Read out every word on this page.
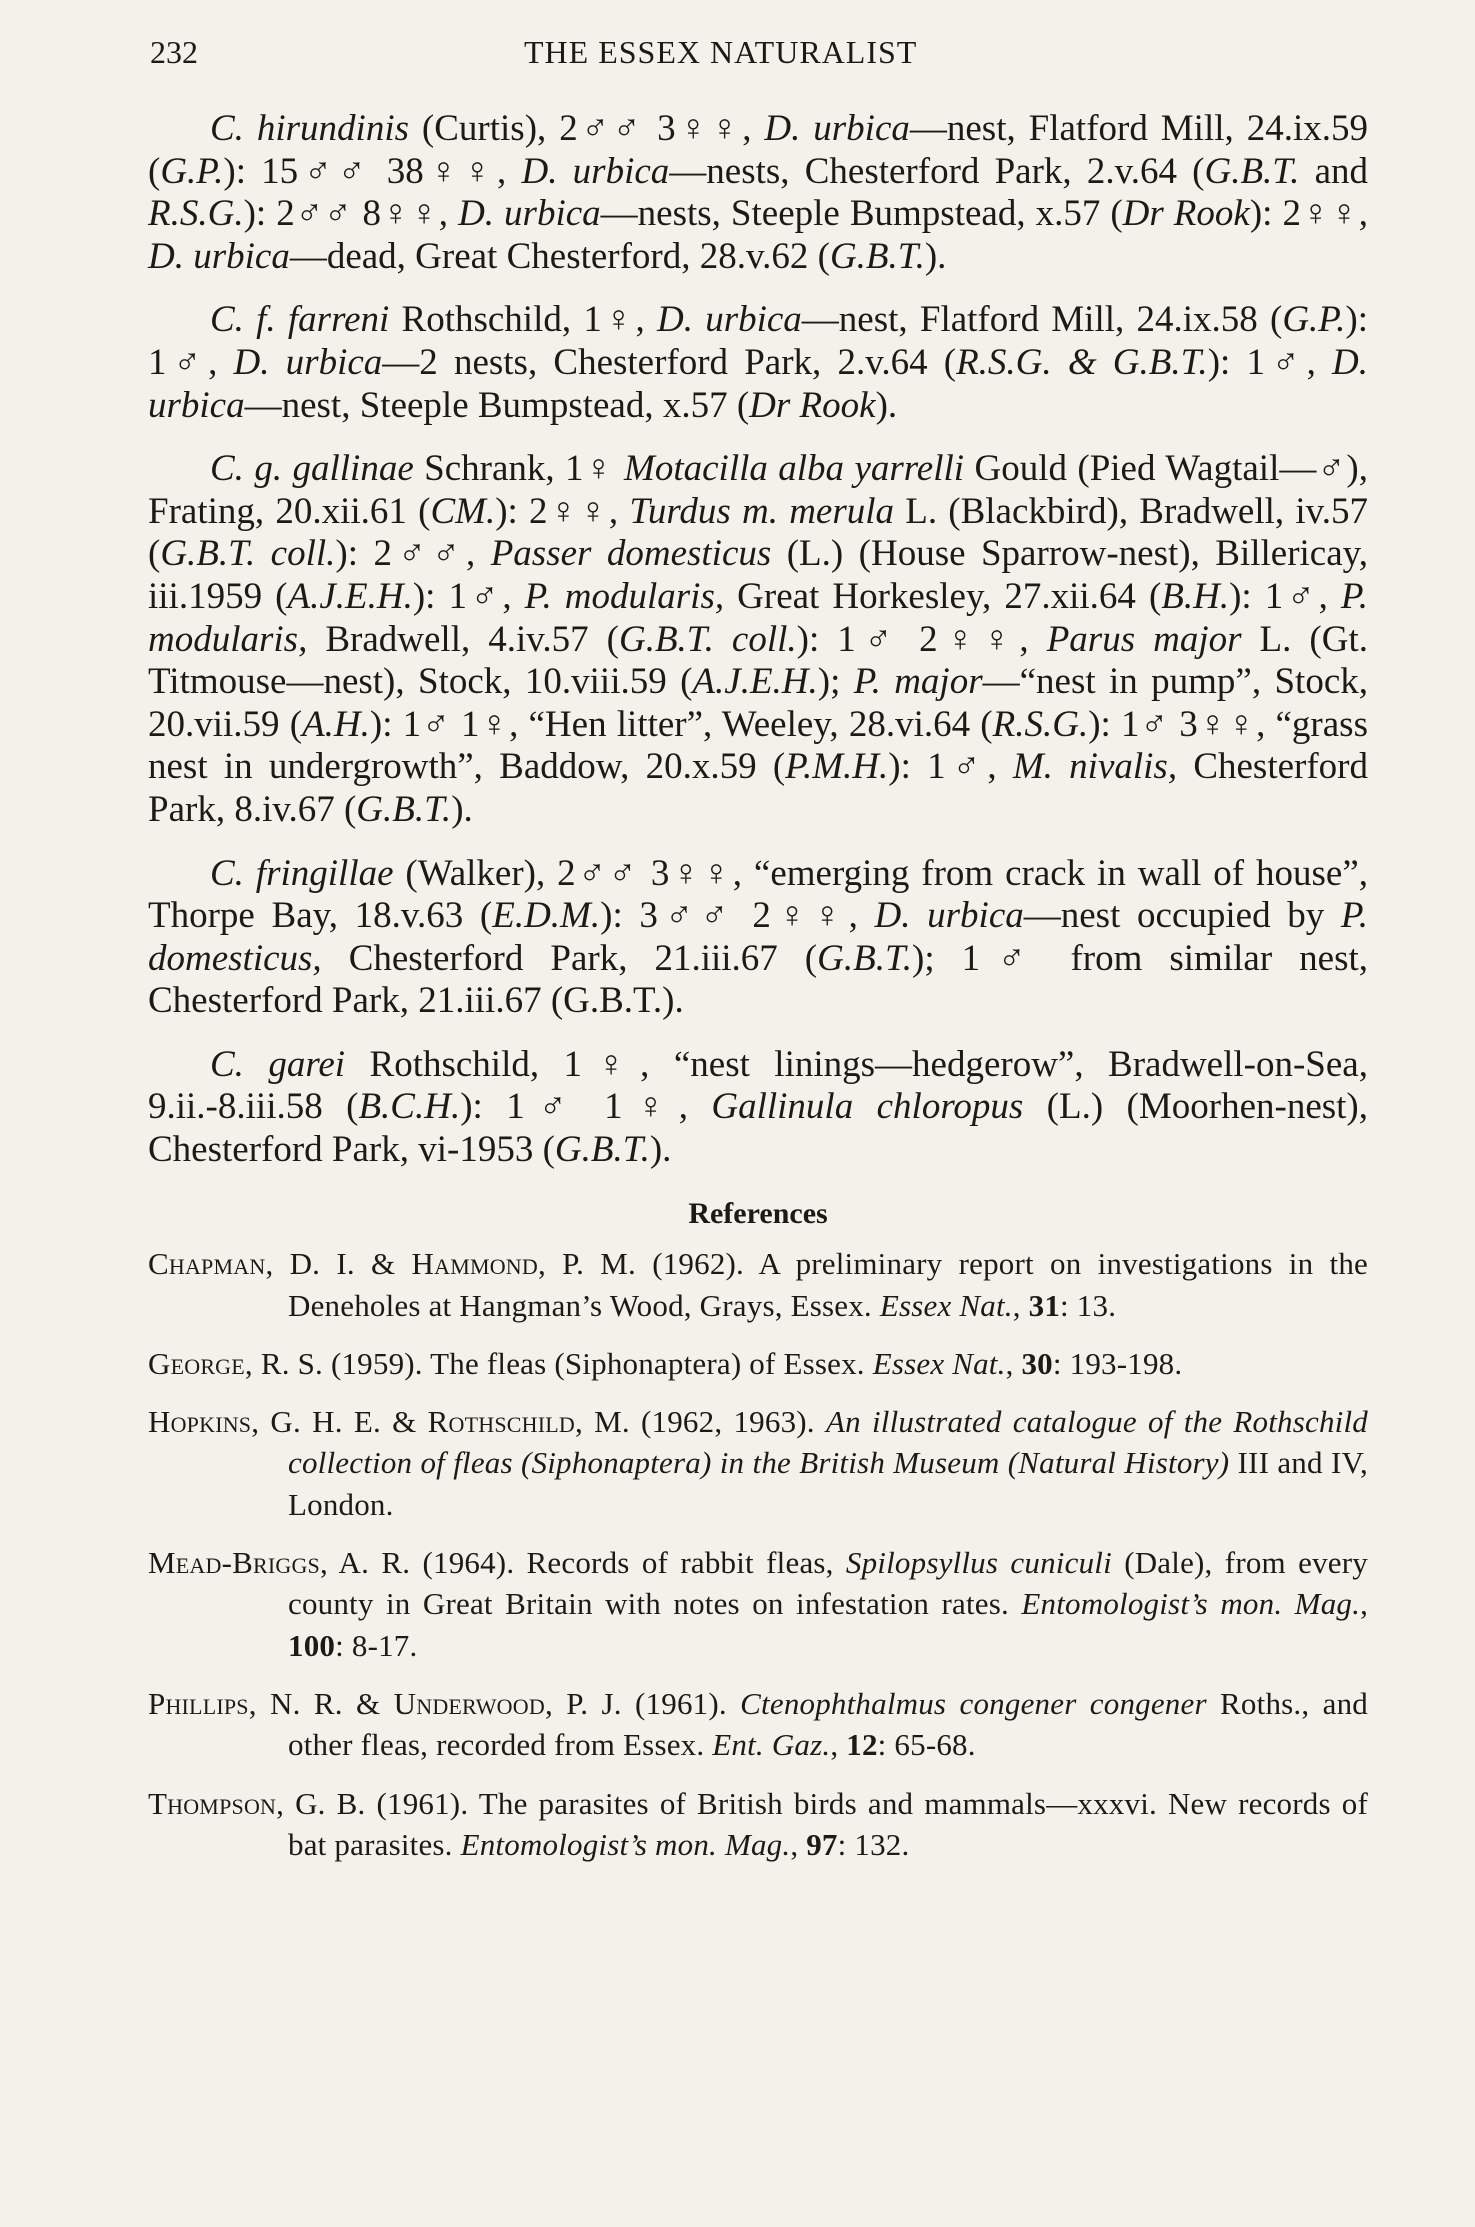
232	THE ESSEX NATURALIST

C. hirundinis (Curtis), 2♂♂ 3♀♀, D. urbica—nest, Flatford Mill, 24.ix.59 (G.P.): 15♂♂ 38♀♀, D. urbica—nests, Chesterford Park, 2.v.64 (G.B.T. and R.S.G.): 2♂♂ 8♀♀, D. urbica—nests, Steeple Bumpstead, x.57 (Dr Rook): 2♀♀, D. urbica—dead, Great Chesterford, 28.v.62 (G.B.T.).

C. f. farreni Rothschild, 1♀, D. urbica—nest, Flatford Mill, 24.ix.58 (G.P.): 1♂, D. urbica—2 nests, Chesterford Park, 2.v.64 (R.S.G. & G.B.T.): 1♂, D. urbica—nest, Steeple Bumpstead, x.57 (Dr Rook).

C. g. gallinae Schrank, 1♀ Motacilla alba yarrelli Gould (Pied Wagtail—♂), Frating, 20.xii.61 (CM.): 2♀♀, Turdus m. merula L. (Blackbird), Bradwell, iv.57 (G.B.T. coll.): 2♂♂, Passer domesticus (L.) (House Sparrow-nest), Billericay, iii.1959 (A.J.E.H.): 1♂, P. modularis, Great Horkesley, 27.xii.64 (B.H.): 1♂, P. modularis, Bradwell, 4.iv.57 (G.B.T. coll.): 1♂ 2♀♀, Parus major L. (Gt. Titmouse—nest), Stock, 10.viii.59 (A.J.E.H.); P. major—“nest in pump”, Stock, 20.vii.59 (A.H.): 1♂ 1♀, “Hen litter”, Weeley, 28.vi.64 (R.S.G.): 1♂ 3♀♀, “grass nest in undergrowth”, Baddow, 20.x.59 (P.M.H.): 1♂, M. nivalis, Chesterford Park, 8.iv.67 (G.B.T.).

C. fringillae (Walker), 2♂♂ 3♀♀, “emerging from crack in wall of house”, Thorpe Bay, 18.v.63 (E.D.M.): 3♂♂ 2♀♀, D. urbica—nest occupied by P. domesticus, Chesterford Park, 21.iii.67 (G.B.T.); 1♂ from similar nest, Chesterford Park, 21.iii.67 (G.B.T.).

C. garei Rothschild, 1♀, “nest linings—hedgerow”, Bradwell-on-Sea, 9.ii.-8.iii.58 (B.C.H.): 1♂ 1♀, Gallinula chloropus (L.) (Moorhen-nest), Chesterford Park, vi-1953 (G.B.T.).

References

Chapman, D. I. & Hammond, P. M. (1962). A preliminary report on investigations in the Deneholes at Hangman’s Wood, Grays, Essex. Essex Nat., 31: 13.

George, R. S. (1959). The fleas (Siphonaptera) of Essex. Essex Nat., 30: 193-198.

Hopkins, G. H. E. & Rothschild, M. (1962, 1963). An illustrated catalogue of the Rothschild collection of fleas (Siphonaptera) in the British Museum (Natural History) III and IV, London.

Mead-Briggs, A. R. (1964). Records of rabbit fleas, Spilopsyllus cuniculi (Dale), from every county in Great Britain with notes on infestation rates. Entomologist’s mon. Mag., 100: 8-17.

Phillips, N. R. & Underwood, P. J. (1961). Ctenophthalmus congener congener Roths., and other fleas, recorded from Essex. Ent. Gaz., 12: 65-68.

Thompson, G. B. (1961). The parasites of British birds and mammals—xxxvi. New records of bat parasites. Entomologist’s mon. Mag., 97: 132.
